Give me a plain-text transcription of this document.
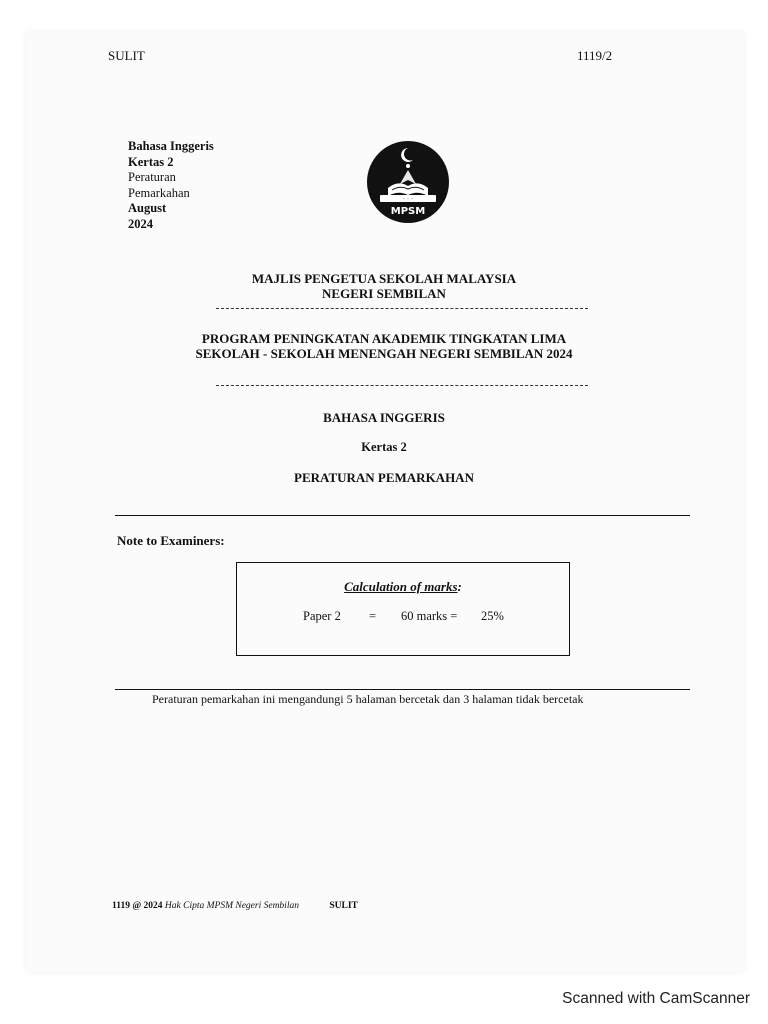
SULIT	1119/2
Bahasa Inggeris
Kertas 2
Peraturan
Pemarkahan
August
2024
·· ·· ··
MPSM
MAJLIS PENGETUA SEKOLAH MALAYSIA
NEGERI SEMBILAN
PROGRAM PENINGKATAN AKADEMIK TINGKATAN LIMA
SEKOLAH - SEKOLAH MENENGAH NEGERI SEMBILAN 2024
BAHASA INGGERIS
Kertas 2
PERATURAN PEMARKAHAN
Note to Examiners:
Calculation of marks:
Paper 2 = 60 marks = 25%
Peraturan pemarkahan ini mengandungi 5 halaman bercetak dan 3 halaman tidak bercetak
1119 @ 2024 Hak Cipta MPSM Negeri Sembilan	SULIT
Scanned with CamScanner
